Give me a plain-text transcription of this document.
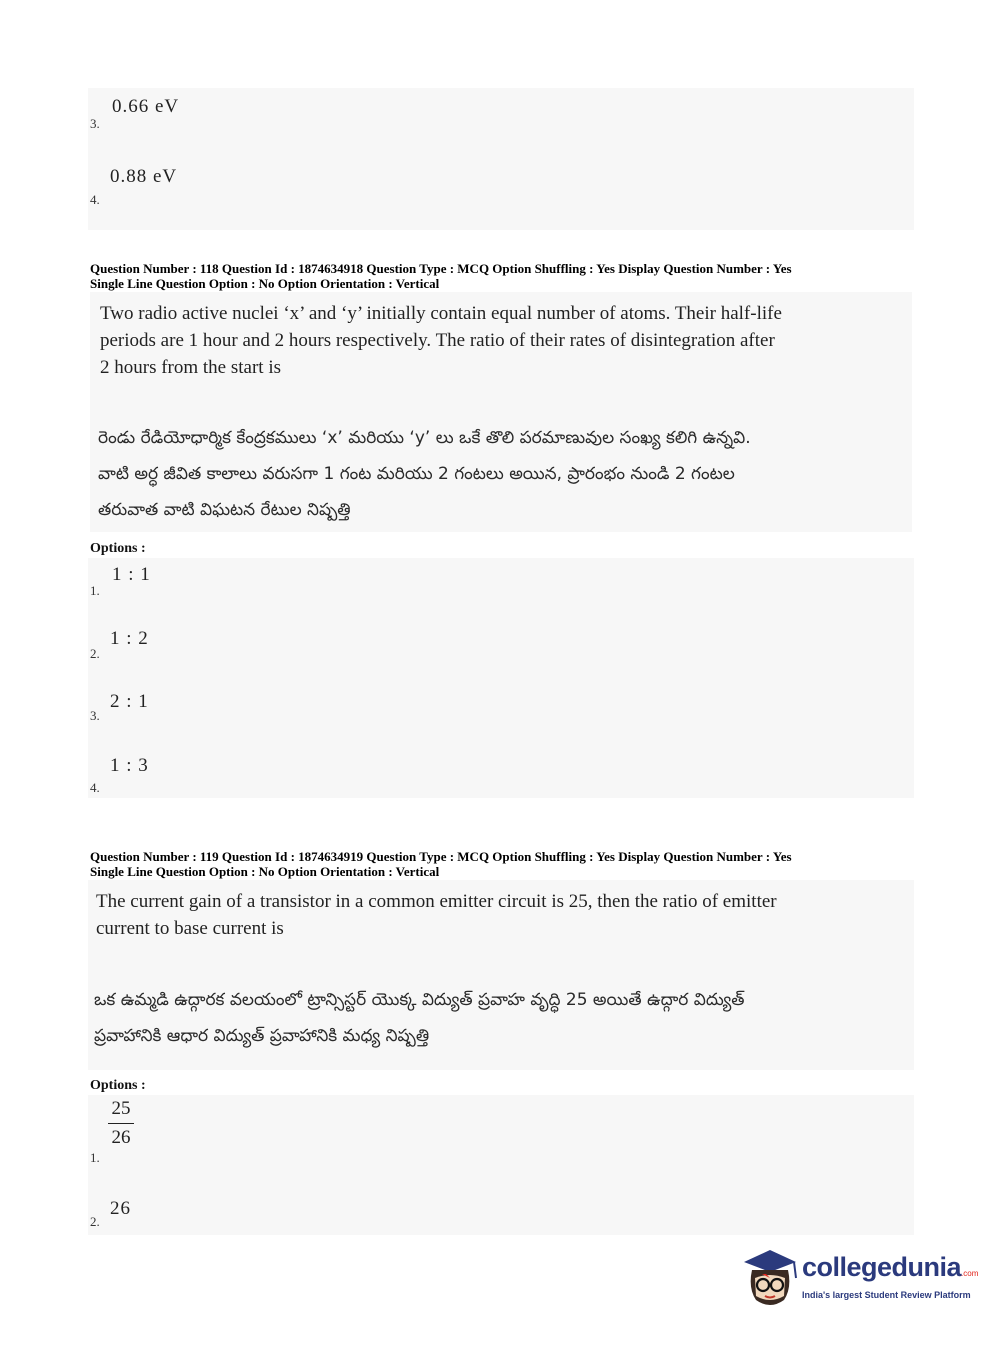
3.
0.66 eV
4.
0.88 eV
Question Number : 118 Question Id : 1874634918 Question Type : MCQ Option Shuffling : Yes Display Question Number : Yes
Single Line Question Option : No Option Orientation : Vertical
Two radio active nuclei ‘x’ and ‘y’ initially contain equal number of atoms. Their half-life
periods are 1 hour and 2 hours respectively. The ratio of their rates of disintegration after
2 hours from the start is
రెండు రేడియోధార్మిక కేంద్రకములు ‘x’ మరియు ‘y’ లు ఒకే తొలి పరమాణువుల సంఖ్య కలిగి ఉన్నవి.
వాటి అర్ధ జీవిత కాలాలు వరుసగా 1 గంట మరియు 2 గంటలు అయిన, ప్రారంభం నుండి 2 గంటల
తరువాత వాటి విఘటన రేటుల నిష్పత్తి
Options :
1.
1 : 1
2.
1 : 2
3.
2 : 1
4.
1 : 3
Question Number : 119 Question Id : 1874634919 Question Type : MCQ Option Shuffling : Yes Display Question Number : Yes
Single Line Question Option : No Option Orientation : Vertical
The current gain of a transistor in a common emitter circuit is 25, then the ratio of emitter
current to base current is
ఒక ఉమ్మడి ఉద్గారక వలయంలో ట్రాన్సిస్టర్ యొక్క విద్యుత్ ప్రవాహ వృద్ధి 25 అయితే ఉద్గార విద్యుత్
ప్రవాహానికి ఆధార విద్యుత్ ప్రవాహానికి మధ్య నిష్పత్తి
Options :
1.
25
26
2.
26
collegedunia.com
India's largest Student Review Platform
